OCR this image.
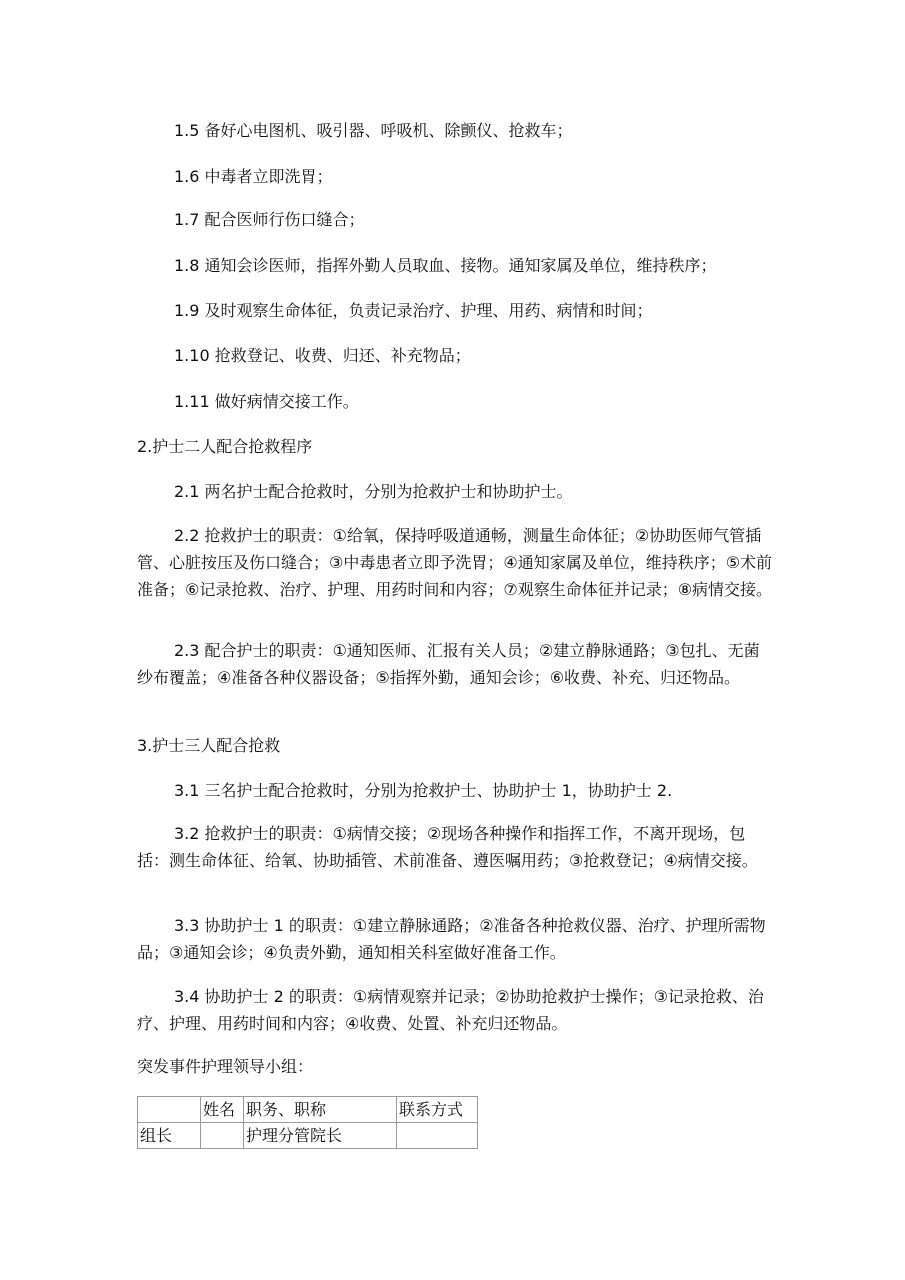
1.5 备好心电图机、吸引器、呼吸机、除颤仪、抢救车；

1.6 中毒者立即洗胃；

1.7 配合医师行伤口缝合；

1.8 通知会诊医师，指挥外勤人员取血、接物。通知家属及单位，维持秩序；

1.9 及时观察生命体征，负责记录治疗、护理、用药、病情和时间；

1.10 抢救登记、收费、归还、补充物品；

1.11 做好病情交接工作。

2.护士二人配合抢救程序

2.1 两名护士配合抢救时，分别为抢救护士和协助护士。

2.2 抢救护士的职责：①给氧，保持呼吸道通畅，测量生命体征；②协助医师气管插管、心脏按压及伤口缝合；③中毒患者立即予洗胃；④通知家属及单位，维持秩序；⑤术前准备；⑥记录抢救、治疗、护理、用药时间和内容；⑦观察生命体征并记录；⑧病情交接。

2.3 配合护士的职责：①通知医师、汇报有关人员；②建立静脉通路；③包扎、无菌纱布覆盖；④准备各种仪器设备；⑤指挥外勤，通知会诊；⑥收费、补充、归还物品。

3.护士三人配合抢救

3.1 三名护士配合抢救时，分别为抢救护士、协助护士 1，协助护士 2.

3.2 抢救护士的职责：①病情交接；②现场各种操作和指挥工作，不离开现场，包括：测生命体征、给氧、协助插管、术前准备、遵医嘱用药；③抢救登记；④病情交接。

3.3 协助护士 1 的职责：①建立静脉通路；②准备各种抢救仪器、治疗、护理所需物品；③通知会诊；④负责外勤，通知相关科室做好准备工作。

3.4 协助护士 2 的职责：①病情观察并记录；②协助抢救护士操作；③记录抢救、治疗、护理、用药时间和内容；④收费、处置、补充归还物品。

突发事件护理领导小组：

	姓名	职务、职称	联系方式
组长		护理分管院长	
